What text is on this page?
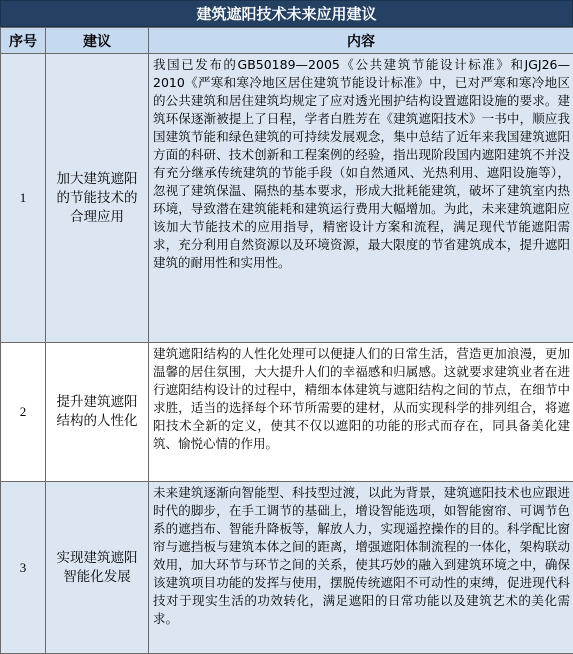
建筑遮阳技术未来应用建议
序号	建议	内容
1	加大建筑遮阳的节能技术的合理应用	我国已发布的GB50189—2005《公共建筑节能设计标准》和JGJ26—2010《严寒和寒冷地区居住建筑节能设计标准》中，已对严寒和寒冷地区的公共建筑和居住建筑均规定了应对透光围护结构设置遮阳设施的要求。建筑环保逐渐被提上了日程，学者白胜芳在《建筑遮阳技术》一书中，顺应我国建筑节能和绿色建筑的可持续发展观念，集中总结了近年来我国建筑遮阳方面的科研、技术创新和工程案例的经验，指出现阶段国内遮阳建筑不并没有充分继承传统建筑的节能手段（如自然通风、光热利用、遮阳设施等），忽视了建筑保温、隔热的基本要求，形成大批耗能建筑，破坏了建筑室内热环境，导致潜在建筑能耗和建筑运行费用大幅增加。为此，未来建筑遮阳应该加大节能技术的应用指导，精密设计方案和流程，满足现代节能遮阳需求，充分利用自然资源以及环境资源，最大限度的节省建筑成本，提升遮阳建筑的耐用性和实用性。
2	提升建筑遮阳结构的人性化	建筑遮阳结构的人性化处理可以便捷人们的日常生活，营造更加浪漫，更加温馨的居住氛围，大大提升人们的幸福感和归属感。这就要求建筑业者在进行遮阳结构设计的过程中，精细本体建筑与遮阳结构之间的节点，在细节中求胜，适当的选择每个环节所需要的建材，从而实现科学的排列组合，将遮阳技术全新的定义，使其不仅以遮阳的功能的形式而存在，同具备美化建筑、愉悦心情的作用。
3	实现建筑遮阳智能化发展	未来建筑逐渐向智能型、科技型过渡，以此为背景，建筑遮阳技术也应跟进时代的脚步，在手工调节的基础上，增设智能选项，如智能窗帘、可调节色系的遮挡布、智能升降板等，解放人力，实现遥控操作的目的。科学配比窗帘与遮挡板与建筑本体之间的距离，增强遮阳体制流程的一体化，架构联动效用，加大环节与环节之间的关系，使其巧妙的融入到建筑环境之中，确保该建筑项目功能的发挥与使用，摆脱传统遮阳不可动性的束缚，促进现代科技对于现实生活的功效转化，满足遮阳的日常功能以及建筑艺术的美化需求。
